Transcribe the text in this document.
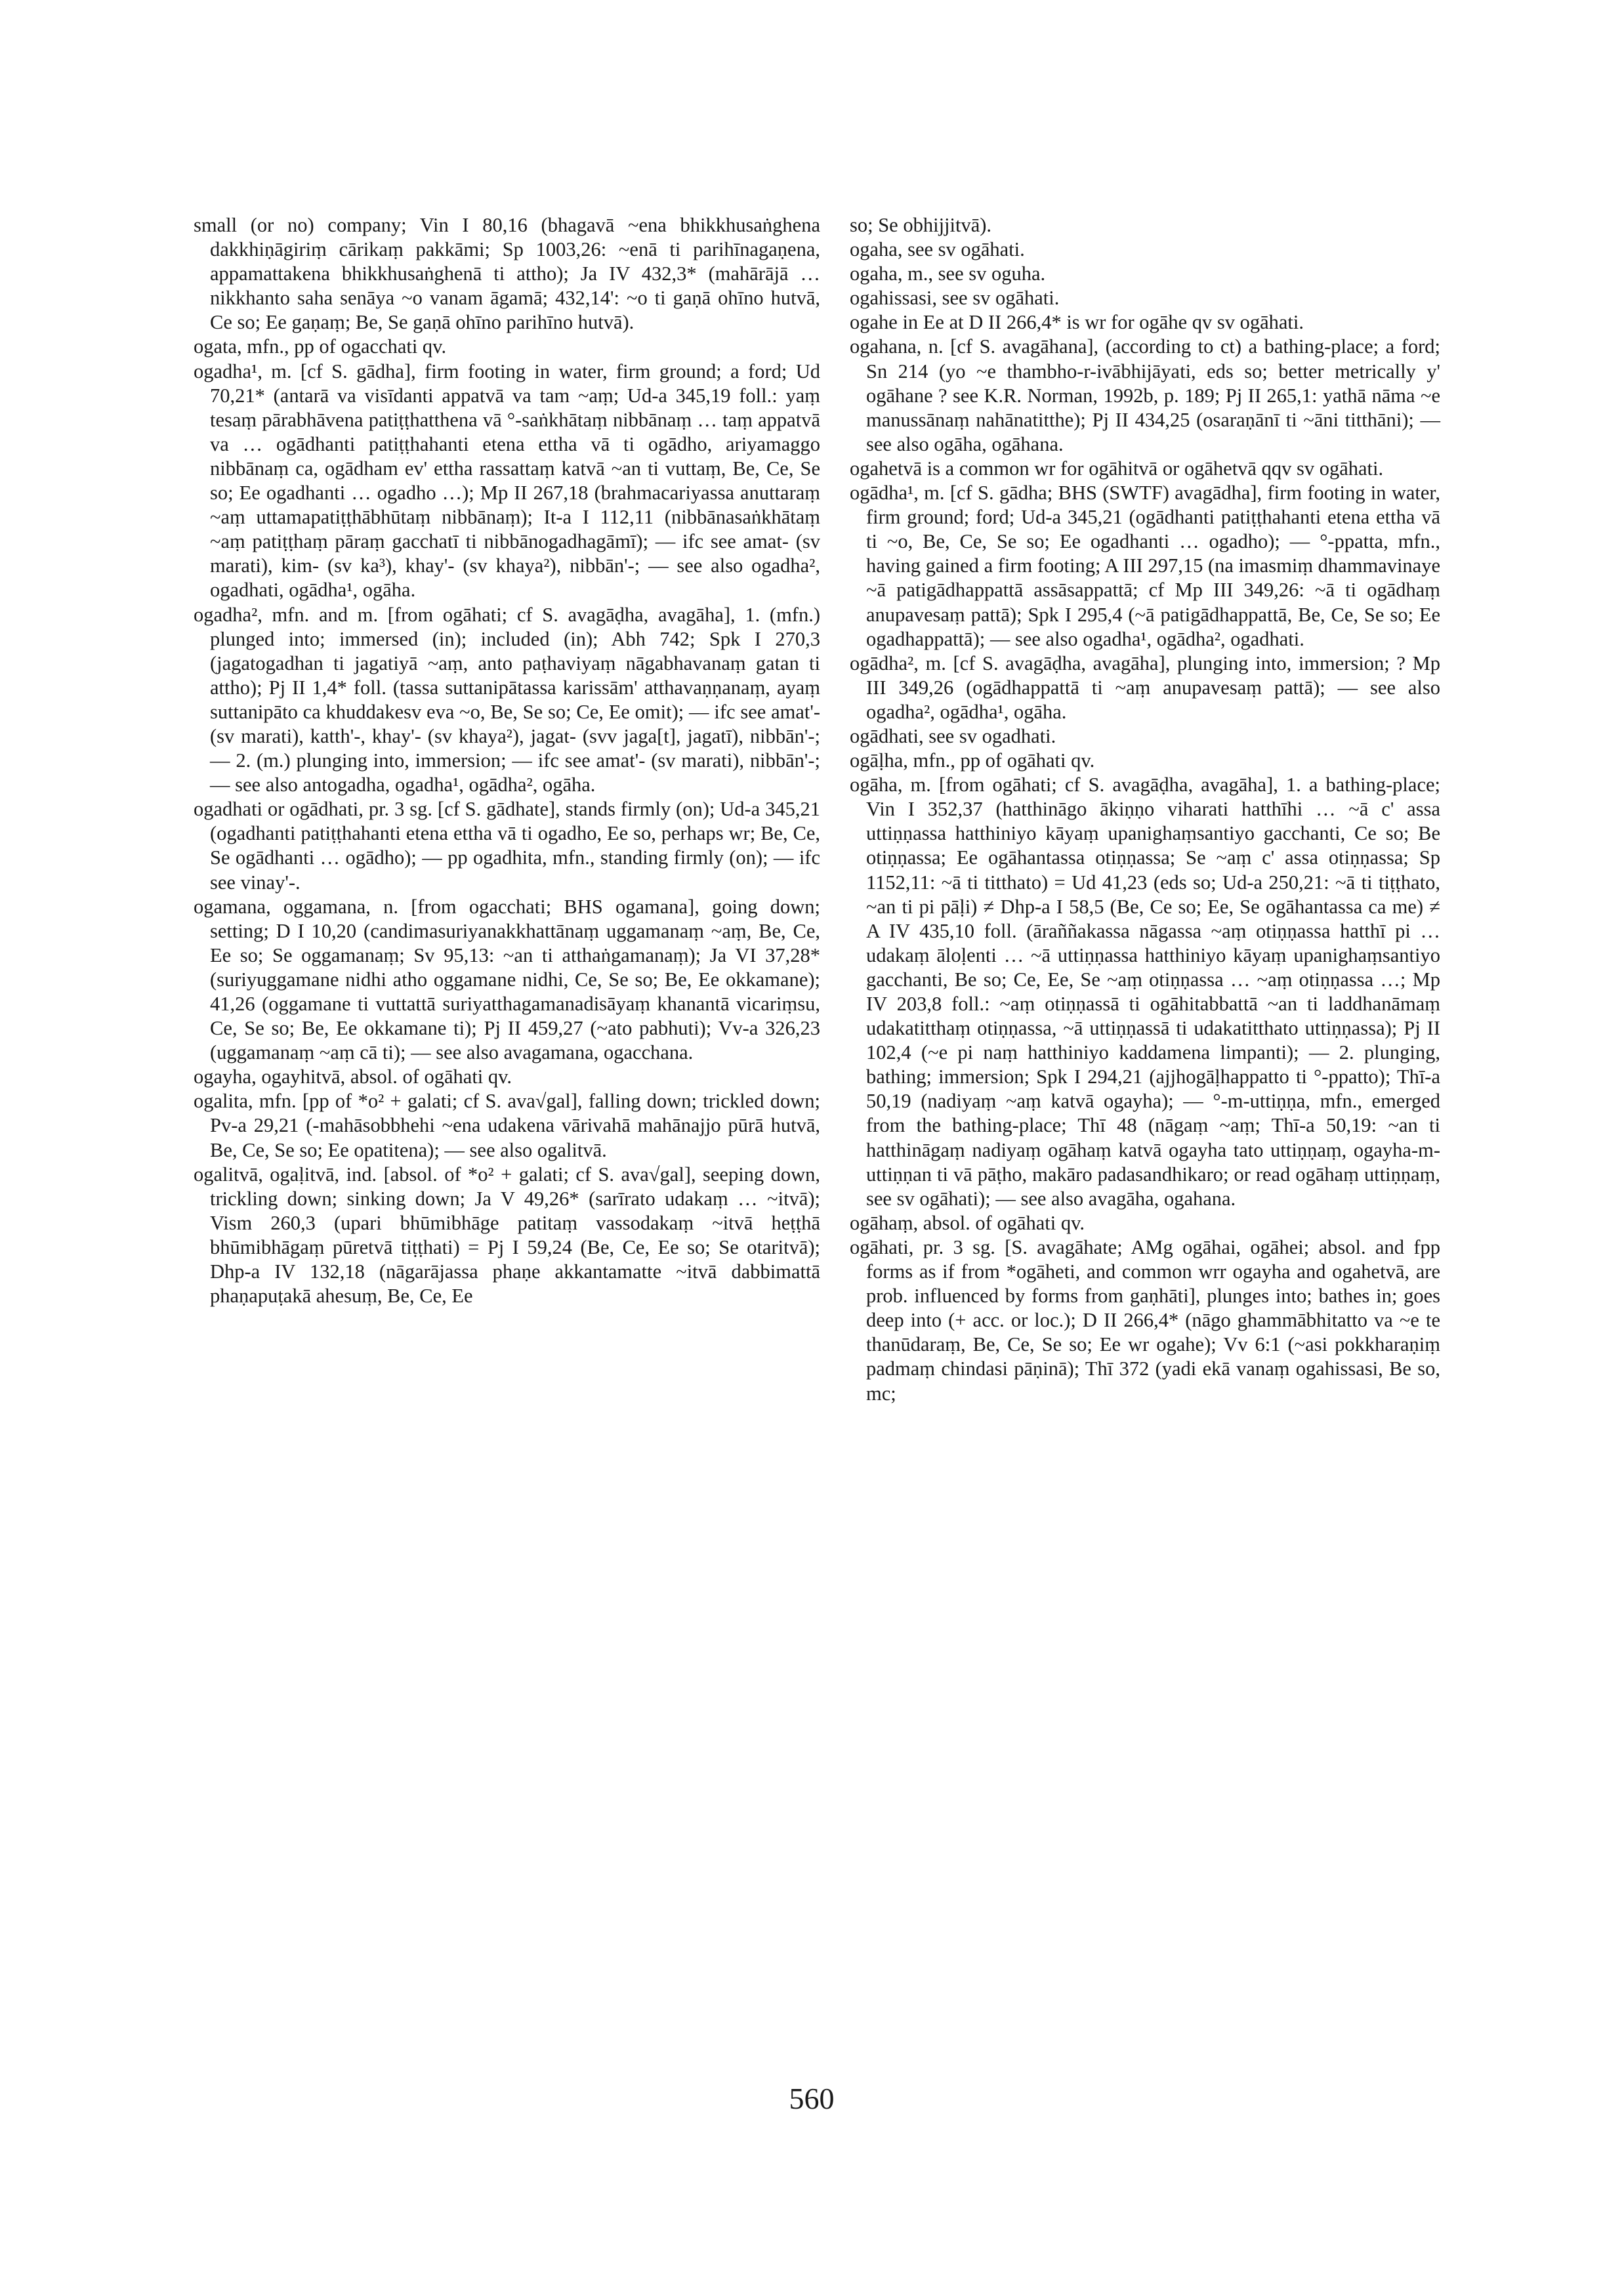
small (or no) company; Vin I 80,16 (bhagavā ~ena bhikkhusaṅghena dakkhiṇāgiriṃ cārikaṃ pakkāmi; Sp 1003,26: ~enā ti parihīnagaṇena, appamattakena bhikkhusaṅghenā ti attho); Ja IV 432,3* (mahārājā … nikkhanto saha senāya ~o vanam āgamā; 432,14': ~o ti gaṇā ohīno hutvā, Ce so; Ee gaṇaṃ; Be, Se gaṇā ohīno parihīno hutvā).

ogata, mfn., pp of ogacchati qv.

ogadha¹, m. [cf S. gādha], firm footing in water, firm ground; a ford; Ud 70,21* (antarā va visīdanti appatvā va tam ~aṃ; Ud-a 345,19 foll.: yaṃ tesaṃ pārabhāvena patiṭṭhatthena vā °-saṅkhātaṃ nibbānaṃ … taṃ appatvā va … ogādhanti patiṭṭhahanti etena ettha vā ti ogādho, ariyamaggo nibbānaṃ ca, ogādham ev' ettha rassattaṃ katvā ~an ti vuttaṃ, Be, Ce, Se so; Ee ogadhanti … ogadho …); Mp II 267,18 (brahmacariyassa anuttaraṃ ~aṃ uttamapatiṭṭhābhūtaṃ nibbānaṃ); It-a I 112,11 (nibbānasaṅkhātaṃ ~aṃ patiṭṭhaṃ pāraṃ gacchatī ti nibbānogadhagāmī); — ifc see amat- (sv marati), kim- (sv ka³), khay'- (sv khaya²), nibbān'-; — see also ogadha², ogadhati, ogādha¹, ogāha.

ogadha², mfn. and m. [from ogāhati; cf S. avagāḍha, avagāha], 1. (mfn.) plunged into; immersed (in); included (in); Abh 742; Spk I 270,3 (jagatogadhan ti jagatiyā ~aṃ, anto paṭhaviyaṃ nāgabhavanaṃ gatan ti attho); Pj II 1,4* foll. (tassa suttanipātassa karissām' atthavaṇṇanaṃ, ayaṃ suttanipāto ca khuddakesv eva ~o, Be, Se so; Ce, Ee omit); — ifc see amat'- (sv marati), katth'-, khay'- (sv khaya²), jagat- (svv jaga[t], jagatī), nibbān'-; — 2. (m.) plunging into, immersion; — ifc see amat'- (sv marati), nibbān'-; — see also antogadha, ogadha¹, ogādha², ogāha.

ogadhati or ogādhati, pr. 3 sg. [cf S. gādhate], stands firmly (on); Ud-a 345,21 (ogadhanti patiṭṭhahanti etena ettha vā ti ogadho, Ee so, perhaps wr; Be, Ce, Se ogādhanti … ogādho); — pp ogadhita, mfn., standing firmly (on); — ifc see vinay'-.

ogamana, oggamana, n. [from ogacchati; BHS ogamana], going down; setting; D I 10,20 (candimasuriyanakkhattānaṃ uggamanaṃ ~aṃ, Be, Ce, Ee so; Se oggamanaṃ; Sv 95,13: ~an ti atthaṅgamanaṃ); Ja VI 37,28* (suriyuggamane nidhi atho oggamane nidhi, Ce, Se so; Be, Ee okkamane); 41,26 (oggamane ti vuttattā suriyatthagamanadisāyaṃ khanantā vicariṃsu, Ce, Se so; Be, Ee okkamane ti); Pj II 459,27 (~ato pabhuti); Vv-a 326,23 (uggamanaṃ ~aṃ cā ti); — see also avagamana, ogacchana.

ogayha, ogayhitvā, absol. of ogāhati qv.

ogalita, mfn. [pp of *o² + galati; cf S. ava√gal], falling down; trickled down; Pv-a 29,21 (-mahāsobbhehi ~ena udakena vārivahā mahānajjo pūrā hutvā, Be, Ce, Se so; Ee opatitena); — see also ogalitvā.

ogalitvā, ogaḷitvā, ind. [absol. of *o² + galati; cf S. ava√gal], seeping down, trickling down; sinking down; Ja V 49,26* (sarīrato udakaṃ … ~itvā); Vism 260,3 (upari bhūmibhāge patitaṃ vassodakaṃ ~itvā heṭṭhā bhūmibhāgaṃ pūretvā tiṭṭhati) = Pj I 59,24 (Be, Ce, Ee so; Se otaritvā); Dhp-a IV 132,18 (nāgarājassa phaṇe akkantamatte ~itvā dabbimattā phaṇapuṭakā ahesuṃ, Be, Ce, Ee

so; Se obhijjitvā).

ogaha, see sv ogāhati.

ogaha, m., see sv oguha.

ogahissasi, see sv ogāhati.

ogahe in Ee at D II 266,4* is wr for ogāhe qv sv ogāhati.

ogahana, n. [cf S. avagāhana], (according to ct) a bathing-place; a ford; Sn 214 (yo ~e thambho-r-ivābhijāyati, eds so; better metrically y' ogāhane ? see K.R. Norman, 1992b, p. 189; Pj II 265,1: yathā nāma ~e manussānaṃ nahānatitthe); Pj II 434,25 (osaraṇānī ti ~āni titthāni); — see also ogāha, ogāhana.

ogahetvā is a common wr for ogāhitvā or ogāhetvā qqv sv ogāhati.

ogādha¹, m. [cf S. gādha; BHS (SWTF) avagādha], firm footing in water, firm ground; ford; Ud-a 345,21 (ogādhanti patiṭṭhahanti etena ettha vā ti ~o, Be, Ce, Se so; Ee ogadhanti … ogadho); — °-ppatta, mfn., having gained a firm footing; A III 297,15 (na imasmiṃ dhammavinaye ~ā patigādhappattā assāsappattā; cf Mp III 349,26: ~ā ti ogādhaṃ anupavesaṃ pattā); Spk I 295,4 (~ā patigādhappattā, Be, Ce, Se so; Ee ogadhappattā); — see also ogadha¹, ogādha², ogadhati.

ogādha², m. [cf S. avagāḍha, avagāha], plunging into, immersion; ? Mp III 349,26 (ogādhappattā ti ~aṃ anupavesaṃ pattā); — see also ogadha², ogādha¹, ogāha.

ogādhati, see sv ogadhati.

ogāḷha, mfn., pp of ogāhati qv.

ogāha, m. [from ogāhati; cf S. avagāḍha, avagāha], 1. a bathing-place; Vin I 352,37 (hatthināgo ākiṇṇo viharati hatthīhi … ~ā c' assa uttiṇṇassa hatthiniyo kāyaṃ upanighaṃsantiyo gacchanti, Ce so; Be otiṇṇassa; Ee ogāhantassa otiṇṇassa; Se ~aṃ c' assa otiṇṇassa; Sp 1152,11: ~ā ti titthato) = Ud 41,23 (eds so; Ud-a 250,21: ~ā ti tiṭṭhato, ~an ti pi pāḷi) ≠ Dhp-a I 58,5 (Be, Ce so; Ee, Se ogāhantassa ca me) ≠ A IV 435,10 foll. (āraññakassa nāgassa ~aṃ otiṇṇassa hatthī pi … udakaṃ āloḷenti … ~ā uttiṇṇassa hatthiniyo kāyaṃ upanighaṃsantiyo gacchanti, Be so; Ce, Ee, Se ~aṃ otiṇṇassa … ~aṃ otiṇṇassa …; Mp IV 203,8 foll.: ~aṃ otiṇṇassā ti ogāhitabbattā ~an ti laddhanāmaṃ udakatitthaṃ otiṇṇassa, ~ā uttiṇṇassā ti udakatitthato uttiṇṇassa); Pj II 102,4 (~e pi naṃ hatthiniyo kaddamena limpanti); — 2. plunging, bathing; immersion; Spk I 294,21 (ajjhogāḷhappatto ti °-ppatto); Thī-a 50,19 (nadiyaṃ ~aṃ katvā ogayha); — °-m-uttiṇṇa, mfn., emerged from the bathing-place; Thī 48 (nāgaṃ ~aṃ; Thī-a 50,19: ~an ti hatthināgaṃ nadiyaṃ ogāhaṃ katvā ogayha tato uttiṇṇaṃ, ogayha-m-uttiṇṇan ti vā pāṭho, makāro padasandhikaro; or read ogāhaṃ uttiṇṇaṃ, see sv ogāhati); — see also avagāha, ogahana.

ogāhaṃ, absol. of ogāhati qv.

ogāhati, pr. 3 sg. [S. avagāhate; AMg ogāhai, ogāhei; absol. and fpp forms as if from *ogāheti, and common wrr ogayha and ogahetvā, are prob. influenced by forms from gaṇhāti], plunges into; bathes in; goes deep into (+ acc. or loc.); D II 266,4* (nāgo ghammābhitatto va ~e te thanūdaraṃ, Be, Ce, Se so; Ee wr ogahe); Vv 6:1 (~asi pokkharaṇiṃ padmaṃ chindasi pāṇinā); Thī 372 (yadi ekā vanaṃ ogahissasi, Be so, mc;

560
